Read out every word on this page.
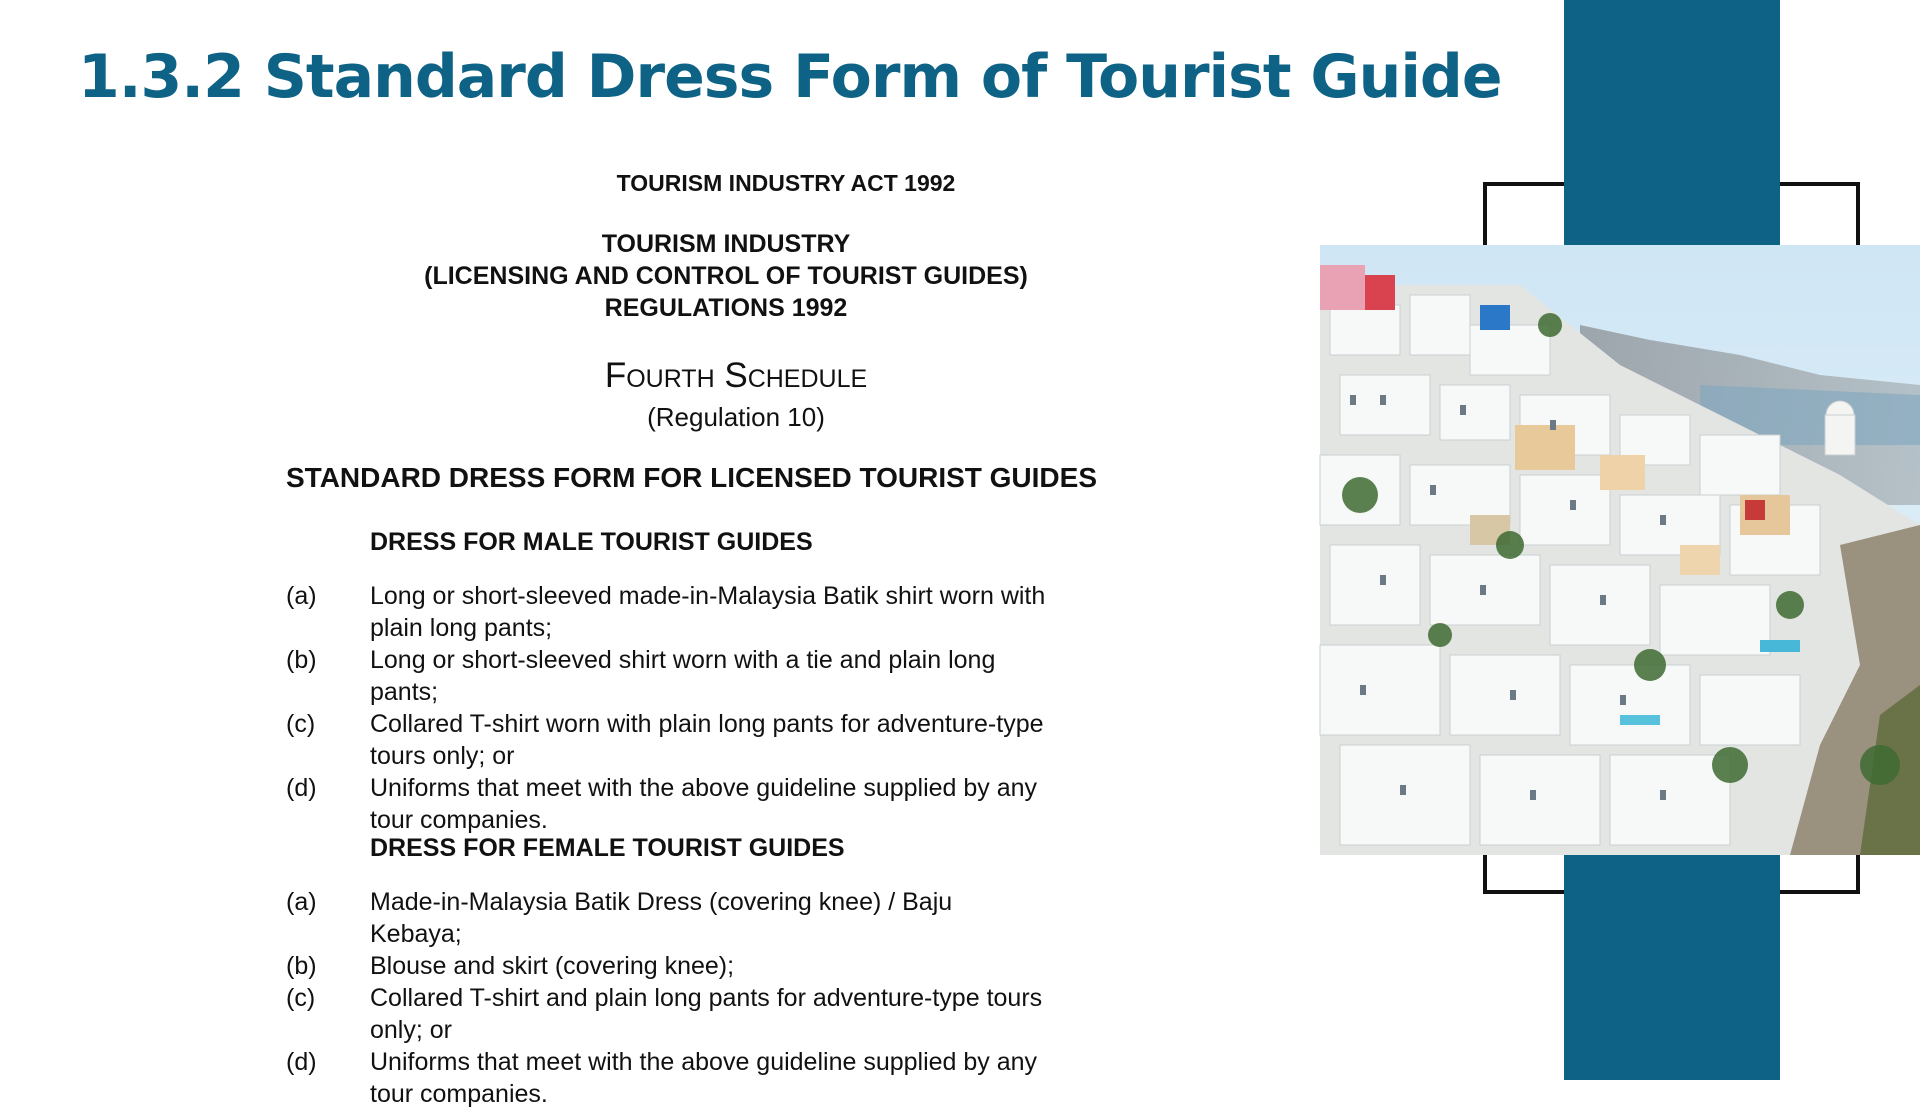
1.3.2 Standard Dress Form of Tourist Guide
TOURISM INDUSTRY ACT 1992
TOURISM INDUSTRY
(LICENSING AND CONTROL OF TOURIST GUIDES)
REGULATIONS 1992
Fourth Schedule
(Regulation 10)
STANDARD DRESS FORM FOR LICENSED TOURIST GUIDES
DRESS FOR MALE TOURIST GUIDES
(a)	Long or short-sleeved made-in-Malaysia Batik shirt worn with plain long pants;
(b)	Long or short-sleeved shirt worn with a tie and plain long pants;
(c)	Collared T-shirt worn with plain long pants for adventure-type tours only; or
(d)	Uniforms that meet with the above guideline supplied by any tour companies.
DRESS FOR FEMALE TOURIST GUIDES
(a)	Made-in-Malaysia Batik Dress (covering knee) / Baju Kebaya;
(b)	Blouse and skirt (covering knee);
(c)	Collared T-shirt and plain long pants for adventure-type tours only; or
(d)	Uniforms that meet with the above guideline supplied by any tour companies.
